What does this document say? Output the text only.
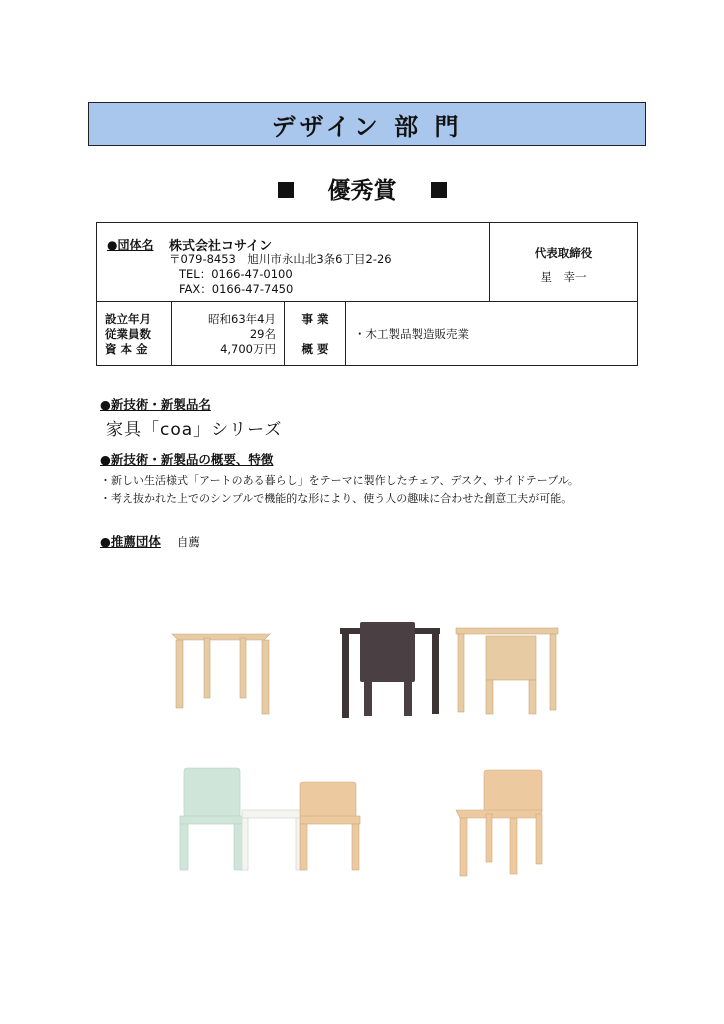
デザイン 部 門
優秀賞
●団体名 株式会社コサイン
〒079-8453　旭川市永山北3条6丁目2-26
TEL：0166-47-0100
FAX：0166-47-7450
代表取締役
星　幸一
設立年月
従業員数
資 本 金
昭和63年4月
29名
4,700万円
事 業
概 要
・木工製品製造販売業
●新技術・新製品名
家具「coa」シリーズ
●新技術・新製品の概要、特徴
・新しい生活様式「アートのある暮らし」をテーマに製作したチェア、デスク、サイドテーブル。
・考え抜かれた上でのシンプルで機能的な形により、使う人の趣味に合わせた創意工夫が可能。
●推薦団体 自薦
